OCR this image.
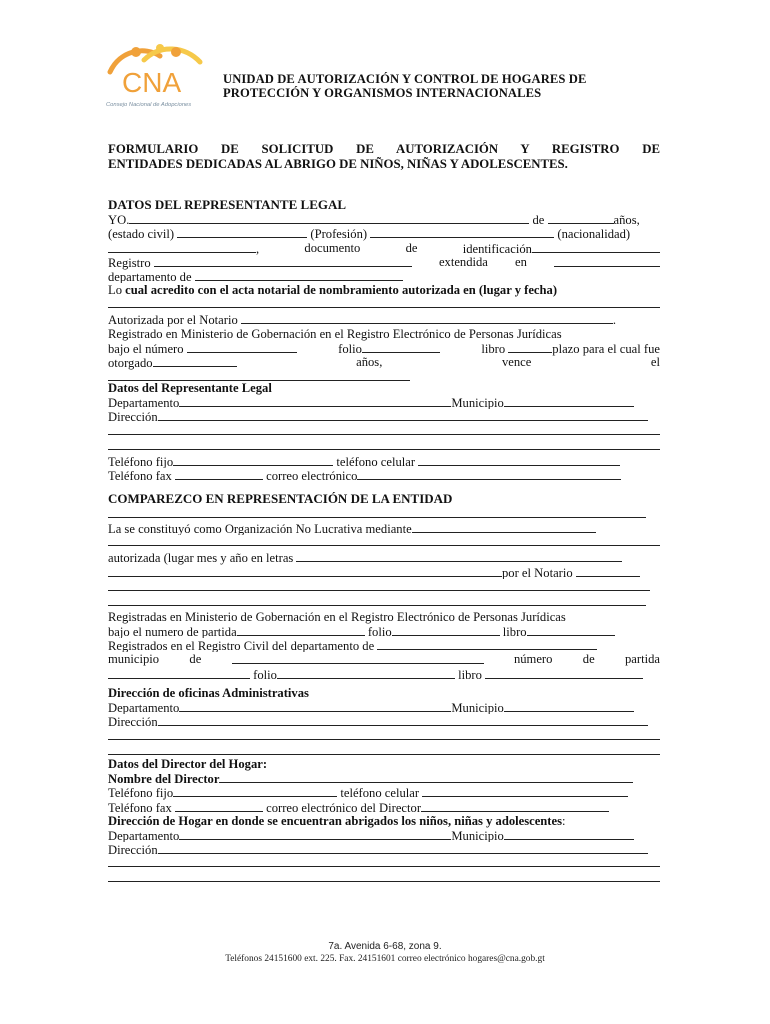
CNA
Consejo Nacional de Adopciones
UNIDAD DE AUTORIZACIÓN Y CONTROL DE HOGARES DE
PROTECCIÓN Y ORGANISMOS INTERNACIONALES
FORMULARIO DE SOLICITUD DE AUTORIZACIÓN Y REGISTRO DE
ENTIDADES DEDICADAS AL ABRIGO DE NIÑOS, NIÑAS Y ADOLESCENTES.
DATOS DEL REPRESENTANTE LEGAL
YO.	de	años,
(estado civil)	(Profesión)	(nacionalidad)
,	documento	de	identificación
Registro	extendida en
departamento de
Lo cual acredito con el acta notarial de nombramiento autorizada en (lugar y fecha)
Autorizada por el Notario	.
Registrado en Ministerio de Gobernación en el Registro Electrónico de Personas Jurídicas
bajo el número	folio	libro	plazo para el cual fue
otorgado	años,	vence	el
Datos del Representante Legal
Departamento	Municipio
Dirección
Teléfono fijo	teléfono celular
Teléfono fax	correo electrónico
COMPAREZCO EN REPRESENTACIÓN DE LA ENTIDAD
La se constituyó como Organización No Lucrativa mediante
autorizada (lugar mes y año en letras
por el Notario
Registradas en Ministerio de Gobernación en el Registro Electrónico de Personas Jurídicas
bajo el numero de partida	folio	libro
Registrados en el Registro Civil del departamento de
municipio de	número de partida
folio	libro
Dirección de oficinas Administrativas
Departamento	Municipio
Dirección
Datos del Director del Hogar:
Nombre del Director
Teléfono fijo	teléfono celular
Teléfono fax	correo electrónico del Director
Dirección de Hogar en donde se encuentran abrigados los niños, niñas y adolescentes:
Departamento	Municipio
Dirección
7a. Avenida 6-68, zona 9.
Teléfonos 24151600 ext. 225. Fax. 24151601 correo electrónico hogares@cna.gob.gt
